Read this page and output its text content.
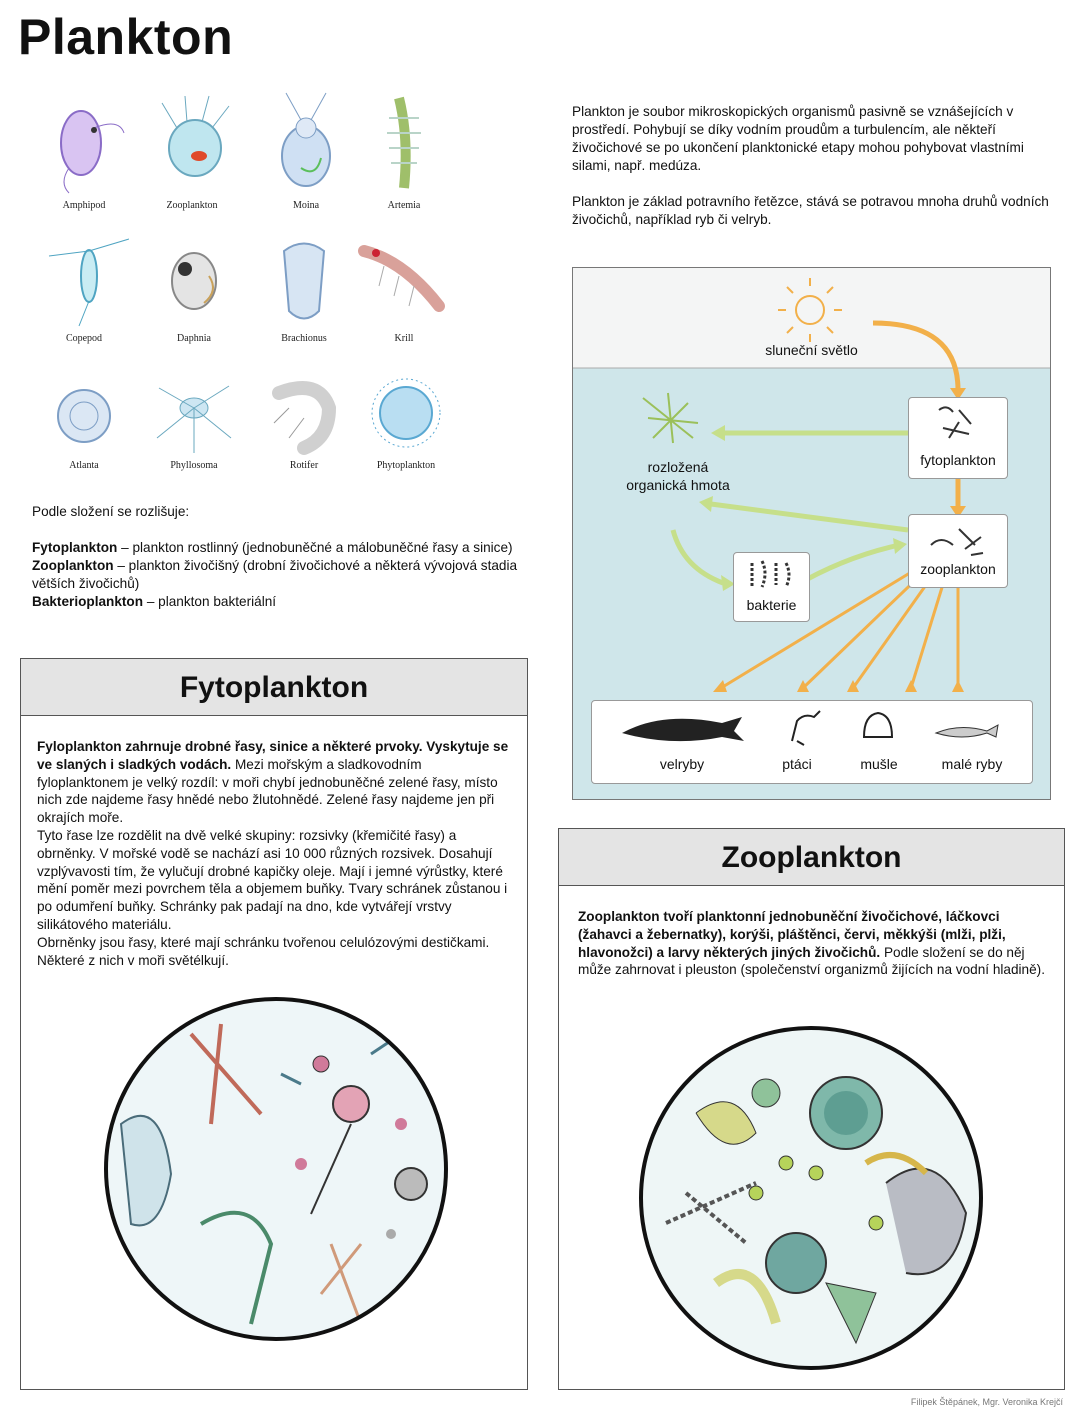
Plankton
Amphipod	Zooplankton	Moina	Artemia
Copepod	Daphnia	Brachionus	Krill
Atlanta	Phyllosoma	Rotifer	Phytoplankton

Plankton je soubor mikroskopických organismů pasivně se vznášejících v prostředí. Pohybují se díky vodním proudům a turbulencím, ale někteří živočichové se po ukončení planktonické etapy mohou pohybovat vlastními silami, např. medúza.

Plankton je základ potravního řetězce, stává se potravou mnoha druhů vodních živočichů, například ryb či velryb.

Podle složení se rozlišuje:

Fytoplankton – plankton rostlinný (jednobuněčné a málobuněčné řasy a sinice)

Zooplankton – plankton živočišný (drobní živočichové a některá vývojová stadia větších živočichů)

Bakterioplankton – plankton bakteriální

sluneční světlo
fytoplankton
zooplankton
rozložená organická hmota
bakterie
velryby	ptáci	mušle	malé ryby
Fytoplankton
Fyloplankton zahrnuje drobné řasy, sinice a některé prvoky. Vyskytuje se ve slaných i sladkých vodách. Mezi mořským a sladkovodním fyloplanktonem je velký rozdíl: v moři chybí jednobuněčné zelené řasy, místo nich zde najdeme řasy hnědé nebo žlutohnědé. Zelené řasy najdeme jen při okrajích moře.
Tyto řase lze rozdělit na dvě velké skupiny: rozsivky (křemičité řasy) a obrněnky. V mořské vodě se nachází asi 10 000 různých rozsivek. Dosahují vzplývavosti tím, že vylučují drobné kapičky oleje. Mají i jemné výrůstky, které mění poměr mezi povrchem těla a objemem buňky. Tvary schránek zůstanou i po odumření buňky. Schránky pak padají na dno, kde vytvářejí vrstvy silikátového materiálu.
Obrněnky jsou řasy, které mají schránku tvořenou celulózovými destičkami. Některé z nich v moři světélkují.
Zooplankton
Zooplankton tvoří planktonní jednobuněční živočichové, láčkovci (žahavci a žebernatky), korýši, pláštěnci, červi, měkkýši (mlži, plži, hlavonožci) a larvy některých jiných živočichů. Podle složení se do něj může zahrnovat i pleuston (společenství organizmů žijících na vodní hladině).
Filipek Štěpánek, Mgr. Veronika Krejčí
